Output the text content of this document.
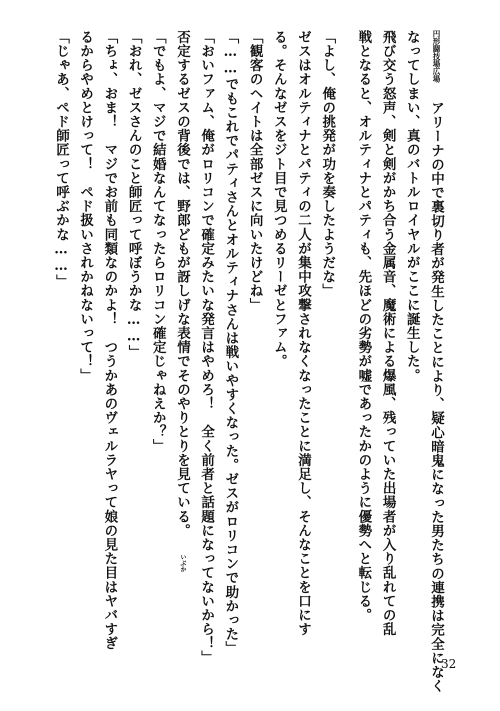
円形闘技場広場 アリーナの中で裏切り者が発生したことにより、疑心暗鬼になった男たちの連携は完全になく
なってしまい、真のバトルロイヤルがここに誕生した。
飛び交う怒声、剣と剣がかち合う金属音、魔術による爆風、残っていた出場者が入り乱れての乱
戦となると、オルティナとパティも、先ほどの劣勢が嘘であったかのように優勢へと転じる。
「よし、俺の挑発が功を奏したようだな」
ゼスはオルティナとパティの二人が集中攻撃されなくなったことに満足し、そんなことを口にす
る。そんなゼスをジト目で見つめるリーゼとファム。
「観客のヘイトは全部ゼスに向いたけどね」
「……でもこれでパティさんとオルティナさんは戦いやすくなった。ゼスがロリコンで助かった」
「おいファム、俺がロリコンで確定みたいな発言はやめろ！　全く前者と話題になってないから！」
否定するゼスの背後では、野郎どもが訝しげな表情でそのやりとりを見ている。 いぶか
「でもよ、マジで結婚なんてなったらロリコン確定じゃねえか？」
「おれ、ゼスさんのこと師匠って呼ぼうかな……」
「ちょ、おま！　マジでお前も同類なのかよ！　つうかあのヴェルラヤって娘の見た目はヤバすぎ
るからやめとけって！　ペド扱いされかねないって！」
「じゃあ、ペド師匠って呼ぶかな……」
32
